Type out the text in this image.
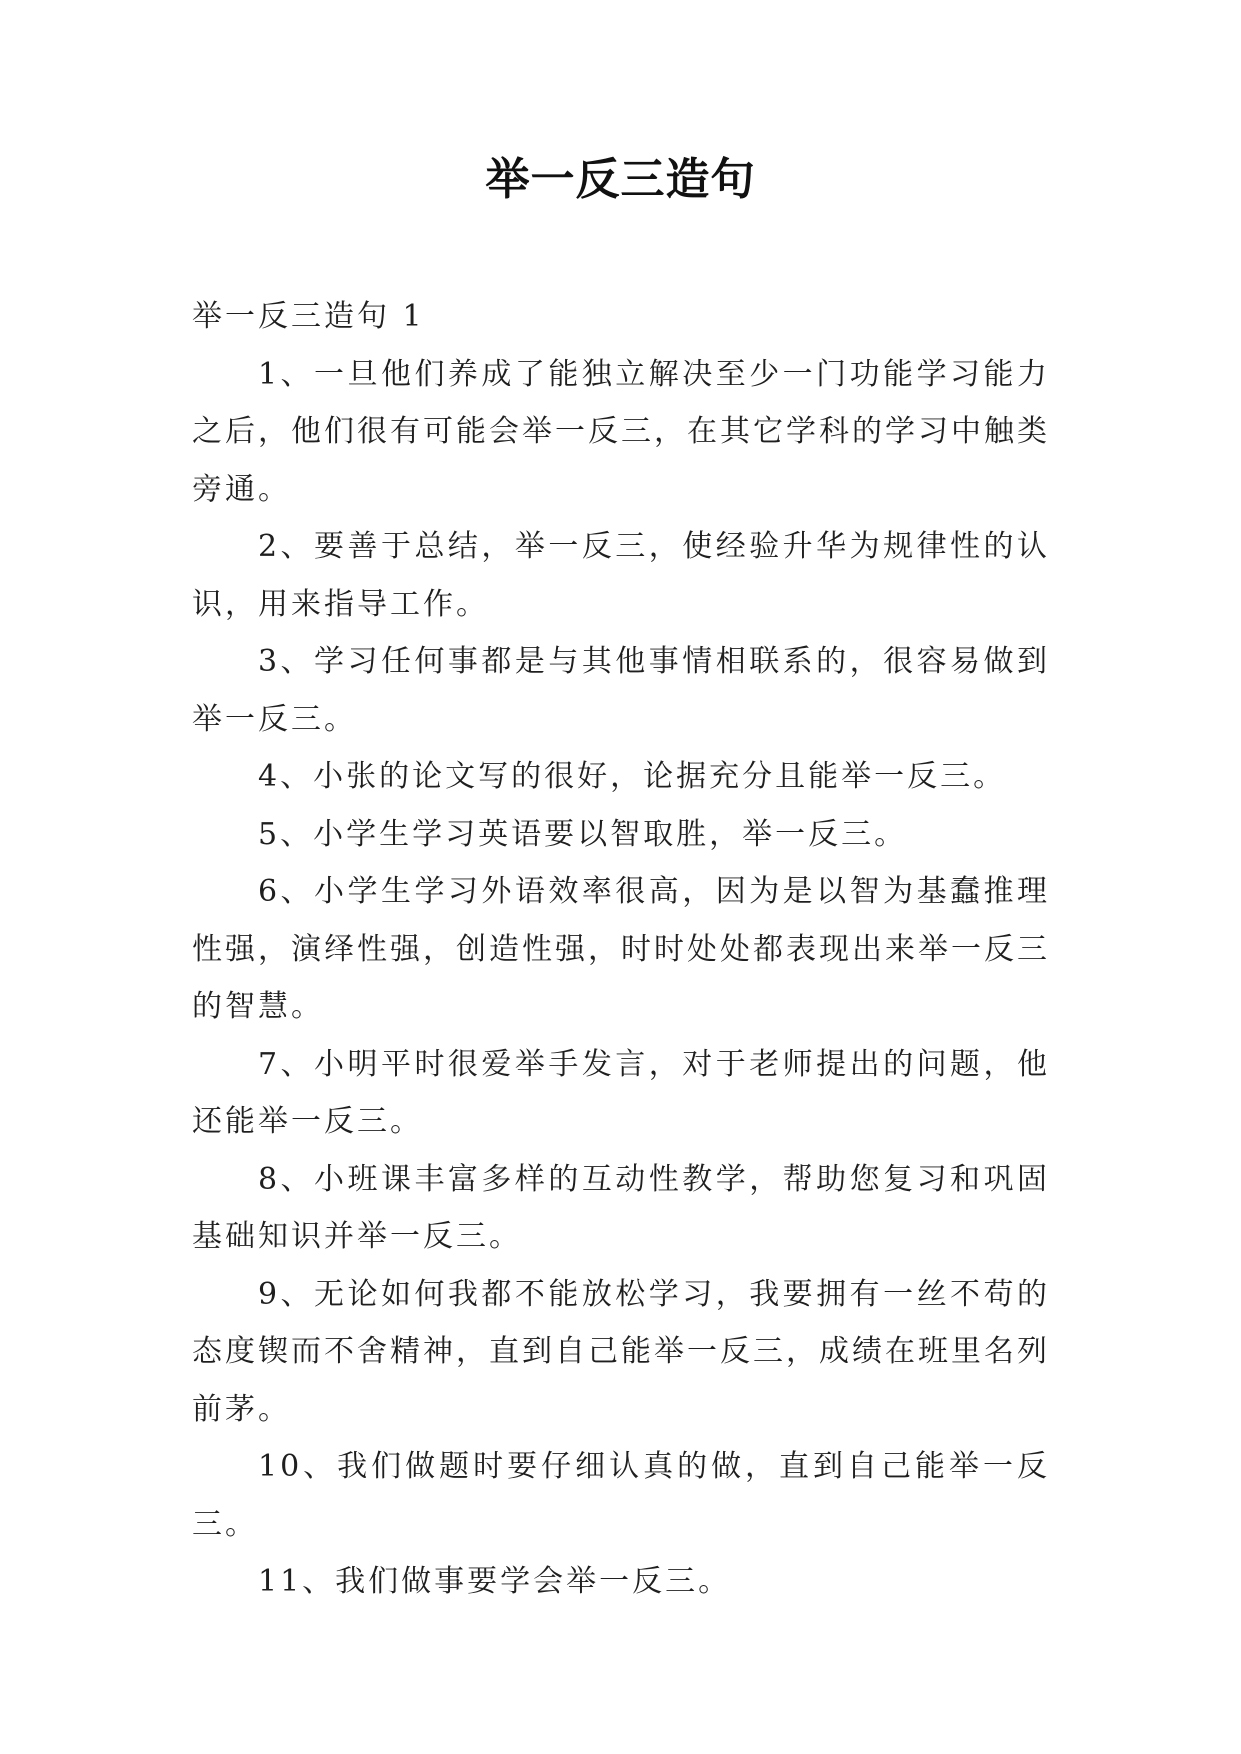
举一反三造句

举一反三造句 1

1、一旦他们养成了能独立解决至少一门功能学习能力之后，他们很有可能会举一反三，在其它学科的学习中触类旁通。

2、要善于总结，举一反三，使经验升华为规律性的认识，用来指导工作。

3、学习任何事都是与其他事情相联系的，很容易做到举一反三。

4、小张的论文写的很好，论据充分且能举一反三。

5、小学生学习英语要以智取胜，举一反三。

6、小学生学习外语效率很高，因为是以智为基蠢推理性强，演绎性强，创造性强，时时处处都表现出来举一反三的智慧。

7、小明平时很爱举手发言，对于老师提出的问题，他还能举一反三。

8、小班课丰富多样的互动性教学，帮助您复习和巩固基础知识并举一反三。

9、无论如何我都不能放松学习，我要拥有一丝不苟的态度锲而不舍精神，直到自己能举一反三，成绩在班里名列前茅。

10、我们做题时要仔细认真的做，直到自己能举一反三。

11、我们做事要学会举一反三。
